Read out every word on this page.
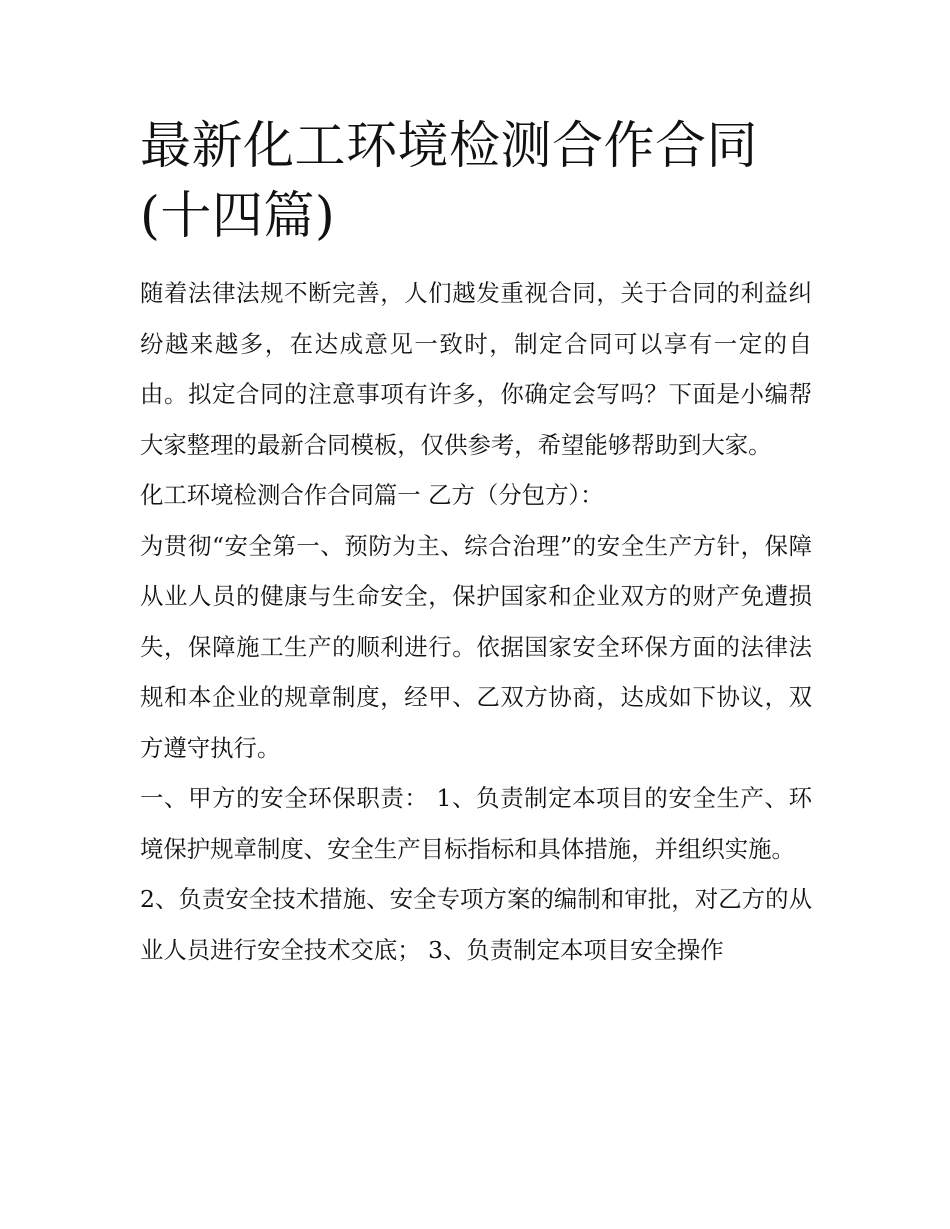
最新化工环境检测合作合同(十四篇)

随着法律法规不断完善，人们越发重视合同，关于合同的利益纠纷越来越多，在达成意见一致时，制定合同可以享有一定的自由。拟定合同的注意事项有许多，你确定会写吗？下面是小编帮大家整理的最新合同模板，仅供参考，希望能够帮助到大家。

化工环境检测合作合同篇一 乙方（分包方）：

为贯彻“安全第一、预防为主、综合治理”的安全生产方针，保障从业人员的健康与生命安全，保护国家和企业双方的财产免遭损失，保障施工生产的顺利进行。依据国家安全环保方面的法律法规和本企业的规章制度，经甲、乙双方协商，达成如下协议，双方遵守执行。

一、甲方的安全环保职责： 1、负责制定本项目的安全生产、环境保护规章制度、安全生产目标指标和具体措施，并组织实施。

2、负责安全技术措施、安全专项方案的编制和审批，对乙方的从业人员进行安全技术交底； 3、负责制定本项目安全操作
